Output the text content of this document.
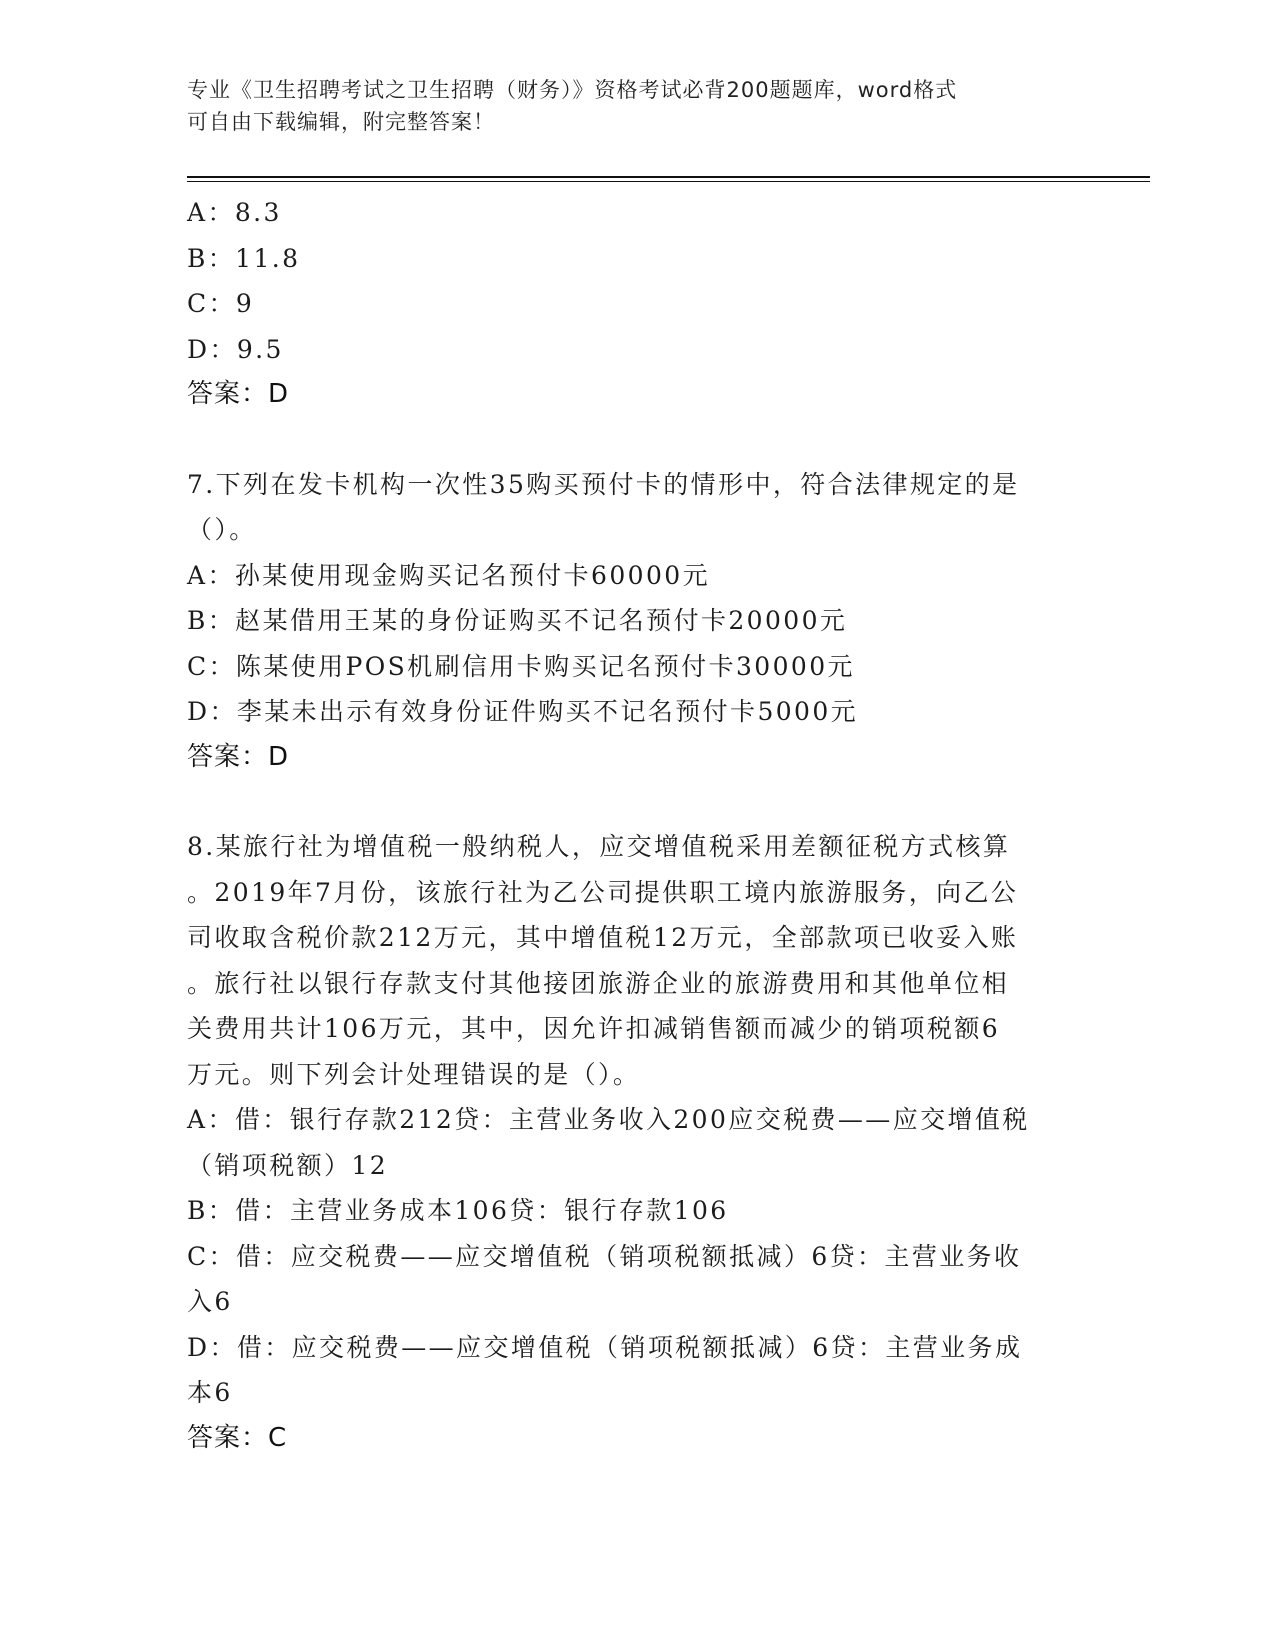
专业《卫生招聘考试之卫生招聘（财务）》资格考试必背200题题库，word格式
可自由下载编辑，附完整答案！

A：8.3

B：11.8

C：9

D：9.5

答案：D

7.下列在发卡机构一次性35购买预付卡的情形中，符合法律规定的是

（）。

A：孙某使用现金购买记名预付卡60000元

B：赵某借用王某的身份证购买不记名预付卡20000元

C：陈某使用POS机刷信用卡购买记名预付卡30000元

D：李某未出示有效身份证件购买不记名预付卡5000元

答案：D

8.某旅行社为增值税一般纳税人，应交增值税采用差额征税方式核算

。2019年7月份，该旅行社为乙公司提供职工境内旅游服务，向乙公

司收取含税价款212万元，其中增值税12万元，全部款项已收妥入账

。旅行社以银行存款支付其他接团旅游企业的旅游费用和其他单位相

关费用共计106万元，其中，因允许扣减销售额而减少的销项税额6

万元。则下列会计处理错误的是（）。

A：借：银行存款212贷：主营业务收入200应交税费——应交增值税

（销项税额）12

B：借：主营业务成本106贷：银行存款106

C：借：应交税费——应交增值税（销项税额抵减）6贷：主营业务收

入6

D：借：应交税费——应交增值税（销项税额抵减）6贷：主营业务成

本6

答案：C
